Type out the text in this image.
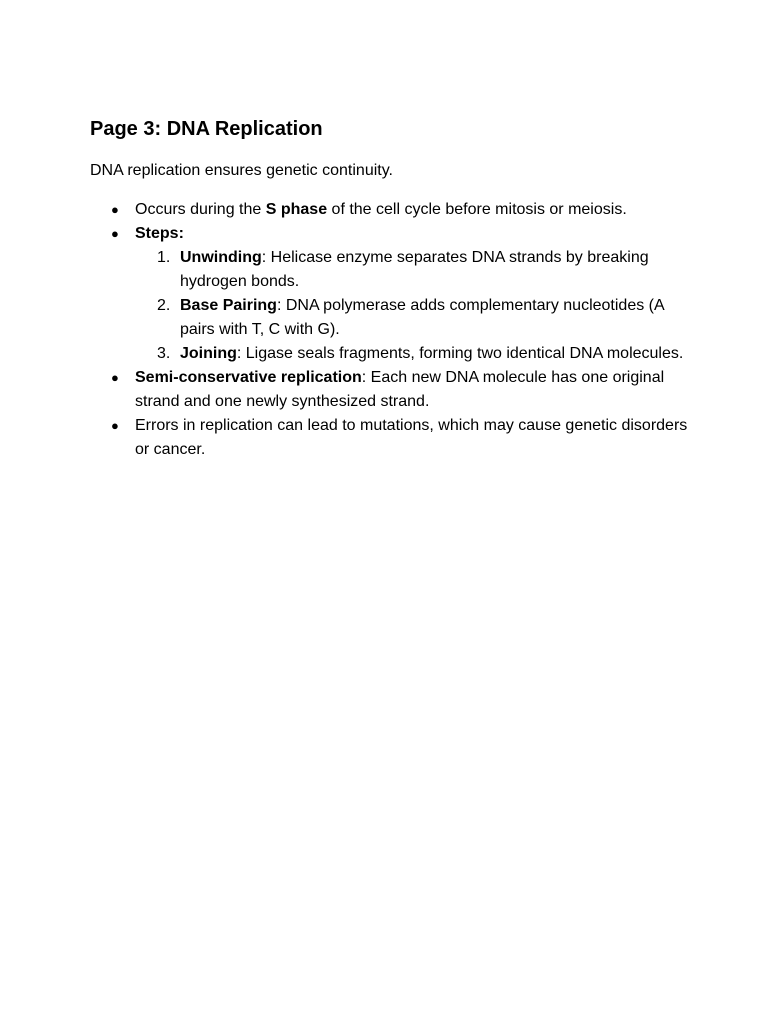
Page 3: DNA Replication

DNA replication ensures genetic continuity.

● Occurs during the S phase of the cell cycle before mitosis or meiosis.
● Steps:
1. Unwinding: Helicase enzyme separates DNA strands by breaking hydrogen bonds.
2. Base Pairing: DNA polymerase adds complementary nucleotides (A pairs with T, C with G).
3. Joining: Ligase seals fragments, forming two identical DNA molecules.
● Semi-conservative replication: Each new DNA molecule has one original strand and one newly synthesized strand.
● Errors in replication can lead to mutations, which may cause genetic disorders or cancer.
